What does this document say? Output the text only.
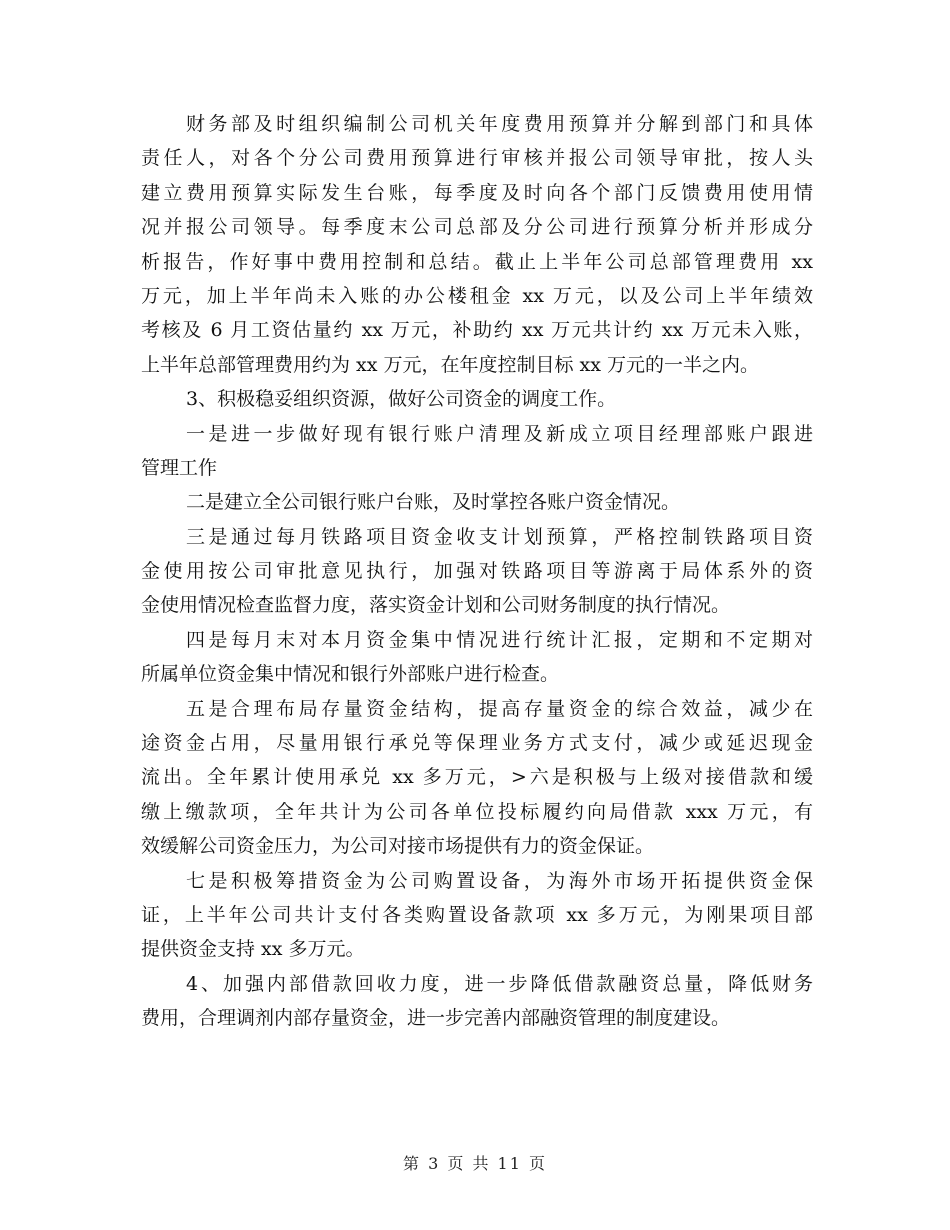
财务部及时组织编制公司机关年度费用预算并分解到部门和具体
责任人，对各个分公司费用预算进行审核并报公司领导审批，按人头
建立费用预算实际发生台账，每季度及时向各个部门反馈费用使用情
况并报公司领导。每季度末公司总部及分公司进行预算分析并形成分
析报告，作好事中费用控制和总结。截止上半年公司总部管理费用 xx
万元，加上半年尚未入账的办公楼租金 xx 万元，以及公司上半年绩效
考核及 6 月工资估量约 xx 万元，补助约 xx 万元共计约 xx 万元未入账，
上半年总部管理费用约为 xx 万元，在年度控制目标 xx 万元的一半之内。
3、积极稳妥组织资源，做好公司资金的调度工作。
一是进一步做好现有银行账户清理及新成立项目经理部账户跟进
管理工作
二是建立全公司银行账户台账，及时掌控各账户资金情况。
三是通过每月铁路项目资金收支计划预算，严格控制铁路项目资
金使用按公司审批意见执行，加强对铁路项目等游离于局体系外的资
金使用情况检查监督力度，落实资金计划和公司财务制度的执行情况。
四是每月末对本月资金集中情况进行统计汇报，定期和不定期对
所属单位资金集中情况和银行外部账户进行检查。
五是合理布局存量资金结构，提高存量资金的综合效益，减少在
途资金占用，尽量用银行承兑等保理业务方式支付，减少或延迟现金
流出。全年累计使用承兑 xx 多万元，>六是积极与上级对接借款和缓
缴上缴款项，全年共计为公司各单位投标履约向局借款 xxx 万元，有
效缓解公司资金压力，为公司对接市场提供有力的资金保证。
七是积极筹措资金为公司购置设备，为海外市场开拓提供资金保
证，上半年公司共计支付各类购置设备款项 xx 多万元，为刚果项目部
提供资金支持 xx 多万元。
4、加强内部借款回收力度，进一步降低借款融资总量，降低财务
费用，合理调剂内部存量资金，进一步完善内部融资管理的制度建设。
第 3 页 共 11 页
